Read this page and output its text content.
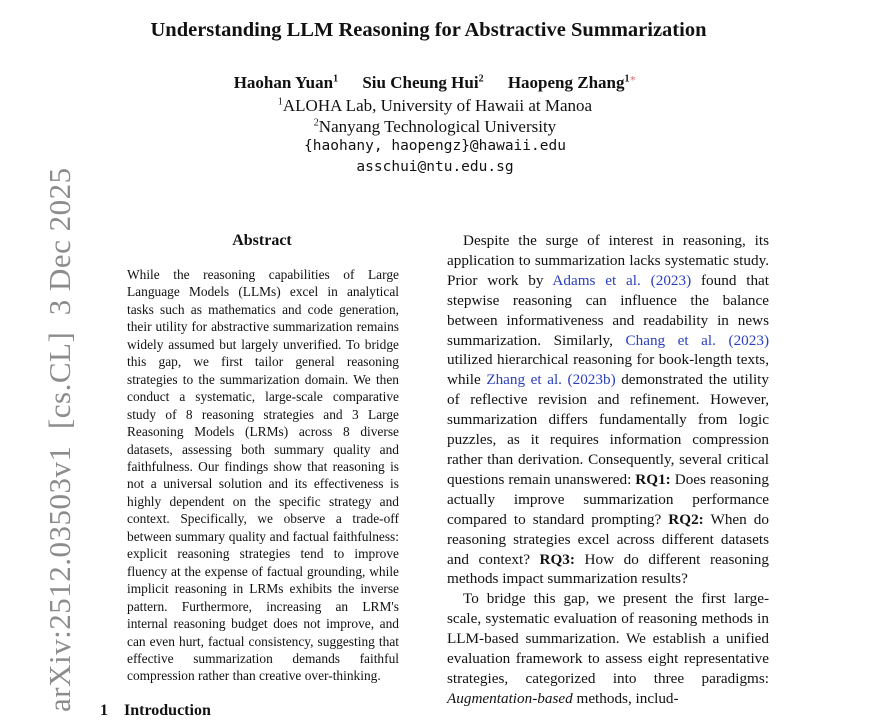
arXiv:2512.03503v1  [cs.CL]  3 Dec 2025
Understanding LLM Reasoning for Abstractive Summarization
Haohan Yuan$^1$ Siu Cheung Hui$^2$ Haopeng Zhang$^{1∗}$
$^1$ALOHA Lab, University of Hawaii at Manoa
$^2$Nanyang Technological University
{haohany, haopengz}@hawaii.edu
asschui@ntu.edu.sg
Abstract
While the reasoning capabilities of Large Language Models (LLMs) excel in analytical tasks such as mathematics and code generation, their utility for abstractive summarization remains widely assumed but largely unverified. To bridge this gap, we first tailor general reasoning strategies to the summarization domain. We then conduct a systematic, large-scale comparative study of 8 reasoning strategies and 3 Large Reasoning Models (LRMs) across 8 diverse datasets, assessing both summary quality and faithfulness. Our findings show that reasoning is not a universal solution and its effectiveness is highly dependent on the specific strategy and context. Specifically, we observe a trade-off between summary quality and factual faithfulness: explicit reasoning strategies tend to improve fluency at the expense of factual grounding, while implicit reasoning in LRMs exhibits the inverse pattern. Furthermore, increasing an LRM's internal reasoning budget does not improve, and can even hurt, factual consistency, suggesting that effective summarization demands faithful compression rather than creative over-thinking.
1 Introduction

Despite the surge of interest in reasoning, its application to summarization lacks systematic study. Prior work by Adams et al. (2023) found that stepwise reasoning can influence the balance between informativeness and readability in news summarization. Similarly, Chang et al. (2023) utilized hierarchical reasoning for book-length texts, while Zhang et al. (2023b) demonstrated the utility of reflective revision and refinement. However, summarization differs fundamentally from logic puzzles, as it requires information compression rather than derivation. Consequently, several critical questions remain unanswered: RQ1: Does reasoning actually improve summarization performance compared to standard prompting? RQ2: When do reasoning strategies excel across different datasets and context? RQ3: How do different reasoning methods impact summarization results?

To bridge this gap, we present the first large-scale, systematic evaluation of reasoning methods in LLM-based summarization. We establish a unified evaluation framework to assess eight representative strategies, categorized into three paradigms: Augmentation-based methods, includ-
